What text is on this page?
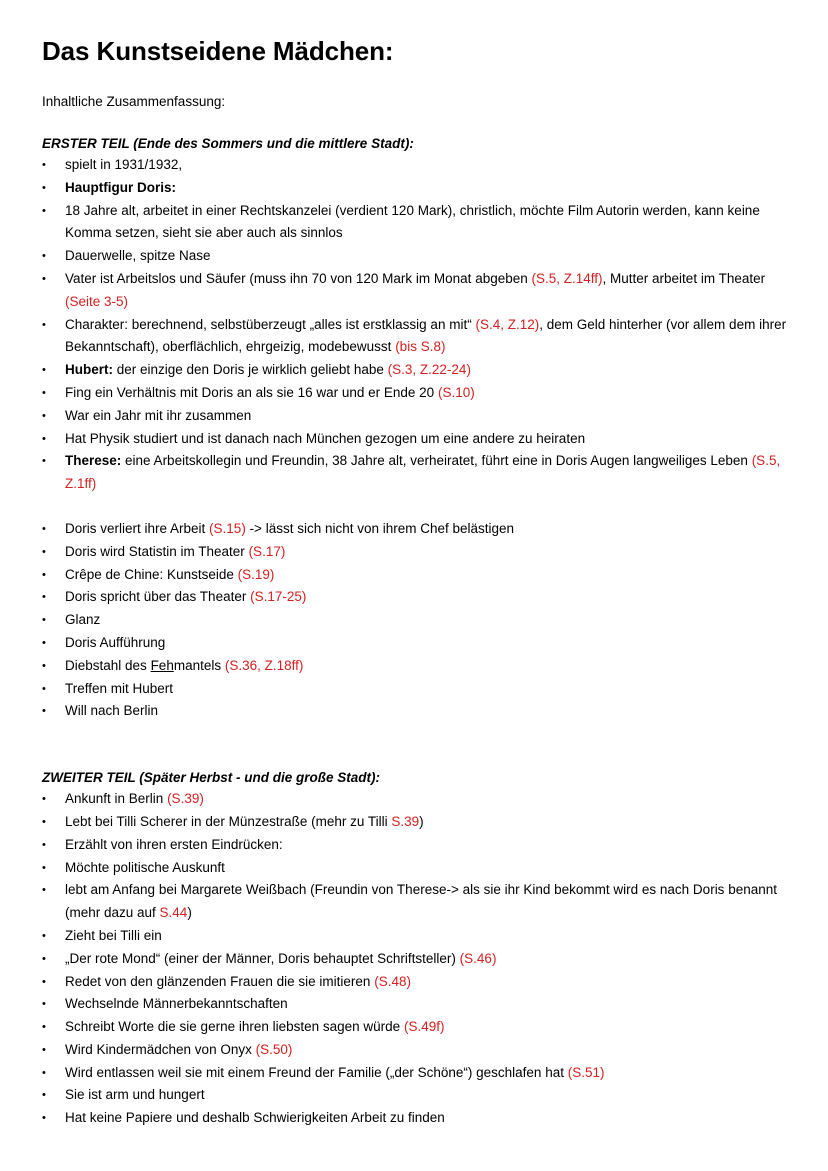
Das Kunstseidene Mädchen:
Inhaltliche Zusammenfassung:
ERSTER TEIL (Ende des Sommers und die mittlere Stadt):
• spielt in 1931/1932,
• Hauptfigur Doris:
• 18 Jahre alt, arbeitet in einer Rechtskanzelei (verdient 120 Mark), christlich, möchte Film Autorin werden, kann keine Komma setzen, sieht sie aber auch als sinnlos
• Dauerwelle, spitze Nase
• Vater ist Arbeitslos und Säufer (muss ihn 70 von 120 Mark im Monat abgeben (S.5, Z.14ff), Mutter arbeitet im Theater (Seite 3-5)
• Charakter: berechnend, selbstüberzeugt „alles ist erstklassig an mit“ (S.4, Z.12), dem Geld hinterher (vor allem dem ihrer Bekanntschaft), oberflächlich, ehrgeizig, modebewusst (bis S.8)
• Hubert: der einzige den Doris je wirklich geliebt habe (S.3, Z.22-24)
• Fing ein Verhältnis mit Doris an als sie 16 war und er Ende 20 (S.10)
• War ein Jahr mit ihr zusammen
• Hat Physik studiert und ist danach nach München gezogen um eine andere zu heiraten
• Therese: eine Arbeitskollegin und Freundin, 38 Jahre alt, verheiratet, führt eine in Doris Augen langweiliges Leben (S.5, Z.1ff)
• Doris verliert ihre Arbeit (S.15) -> lässt sich nicht von ihrem Chef belästigen
• Doris wird Statistin im Theater (S.17)
• Crêpe de Chine: Kunstseide (S.19)
• Doris spricht über das Theater (S.17-25)
• Glanz
• Doris Aufführung
• Diebstahl des Fehmantels (S.36, Z.18ff)
• Treffen mit Hubert
• Will nach Berlin
ZWEITER TEIL (Später Herbst - und die große Stadt):
• Ankunft in Berlin (S.39)
• Lebt bei Tilli Scherer in der Münzestraße (mehr zu Tilli S.39)
• Erzählt von ihren ersten Eindrücken:
• Möchte politische Auskunft
• lebt am Anfang bei Margarete Weißbach (Freundin von Therese-> als sie ihr Kind bekommt wird es nach Doris benannt (mehr dazu auf S.44)
• Zieht bei Tilli ein
• „Der rote Mond“ (einer der Männer, Doris behauptet Schriftsteller) (S.46)
• Redet von den glänzenden Frauen die sie imitieren (S.48)
• Wechselnde Männerbekanntschaften
• Schreibt Worte die sie gerne ihren liebsten sagen würde (S.49f)
• Wird Kindermädchen von Onyx (S.50)
• Wird entlassen weil sie mit einem Freund der Familie („der Schöne“) geschlafen hat (S.51)
• Sie ist arm und hungert
• Hat keine Papiere und deshalb Schwierigkeiten Arbeit zu finden
